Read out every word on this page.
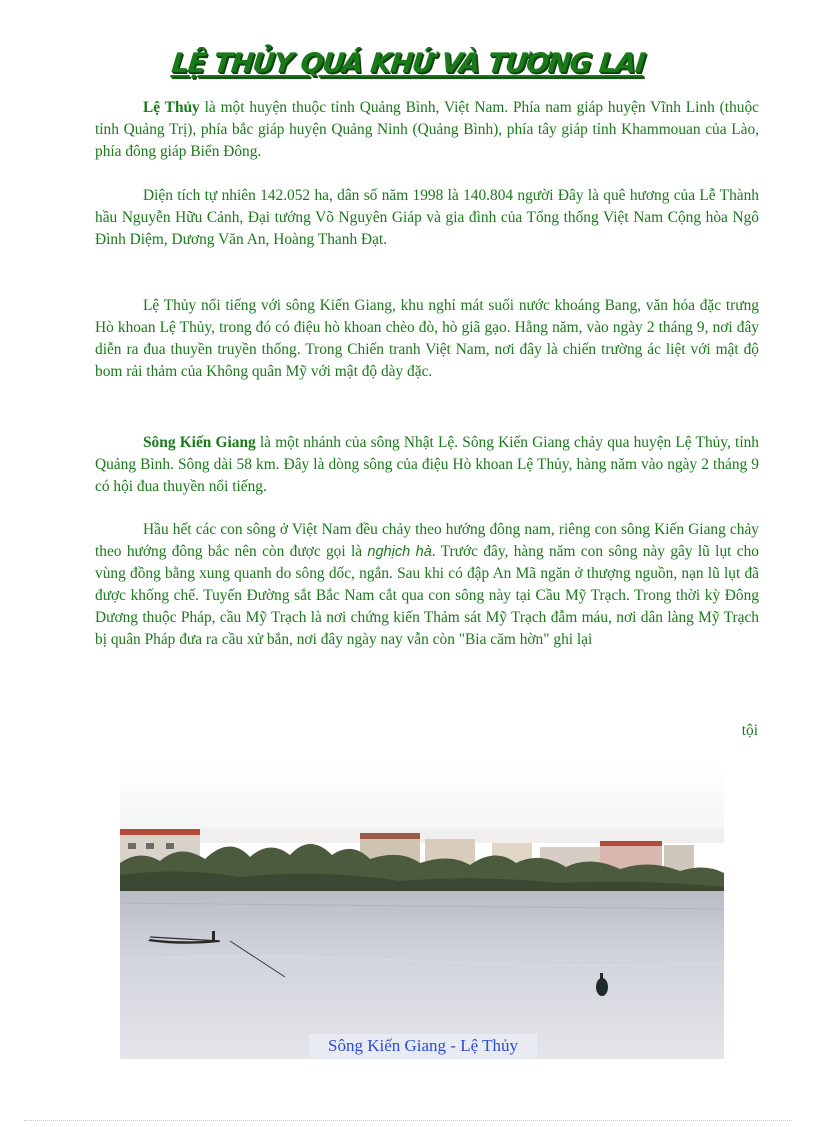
LỆ THỦY QUÁ KHỨ VÀ TƯƠNG LAI

Lệ Thủy là một huyện thuộc tỉnh Quảng Bình, Việt Nam. Phía nam giáp huyện Vĩnh Linh (thuộc tỉnh Quảng Trị), phía bắc giáp huyện Quảng Ninh (Quảng Bình), phía tây giáp tỉnh Khammouan của Lào, phía đông giáp Biển Đông.

Diện tích tự nhiên 142.052 ha, dân số năm 1998 là 140.804 người Đây là quê hương của Lễ Thành hầu Nguyễn Hữu Cảnh, Đại tướng Võ Nguyên Giáp và gia đình của Tổng thống Việt Nam Cộng hòa Ngô Đình Diệm, Dương Văn An, Hoàng Thanh Đạt.

Lệ Thủy nổi tiếng với sông Kiến Giang, khu nghỉ mát suối nước khoáng Bang, văn hóa đặc trưng Hò khoan Lệ Thủy, trong đó có điệu hò khoan chèo đò, hò giã gạo. Hằng năm, vào ngày 2 tháng 9, nơi đây diễn ra đua thuyền truyền thống. Trong Chiến tranh Việt Nam, nơi đây là chiến trường ác liệt với mật độ bom rải thảm của Không quân Mỹ với mật độ dày đặc.

Sông Kiến Giang là một nhánh của sông Nhật Lệ. Sông Kiến Giang chảy qua huyện Lệ Thủy, tỉnh Quảng Bình. Sông dài 58 km. Đây là dòng sông của điệu Hò khoan Lệ Thủy, hàng năm vào ngày 2 tháng 9 có hội đua thuyền nổi tiếng.

Hầu hết các con sông ở Việt Nam đều chảy theo hướng đông nam, riêng con sông Kiến Giang chảy theo hướng đông bắc nên còn được gọi là nghịch hà. Trước đây, hàng năm con sông này gây lũ lụt cho vùng đồng bằng xung quanh do sông dốc, ngắn. Sau khi có đập An Mã ngăn ở thượng nguồn, nạn lũ lụt đã được khống chế. Tuyến Đường sắt Bắc Nam cắt qua con sông này tại Cầu Mỹ Trạch. Trong thời kỳ Đông Dương thuộc Pháp, cầu Mỹ Trạch là nơi chứng kiến Thảm sát Mỹ Trạch đẫm máu, nơi dân làng Mỹ Trạch bị quân Pháp đưa ra cầu xử bắn, nơi đây ngày nay vẫn còn "Bia căm hờn" ghi lại

tội
Sông Kiến Giang - Lệ Thủy
